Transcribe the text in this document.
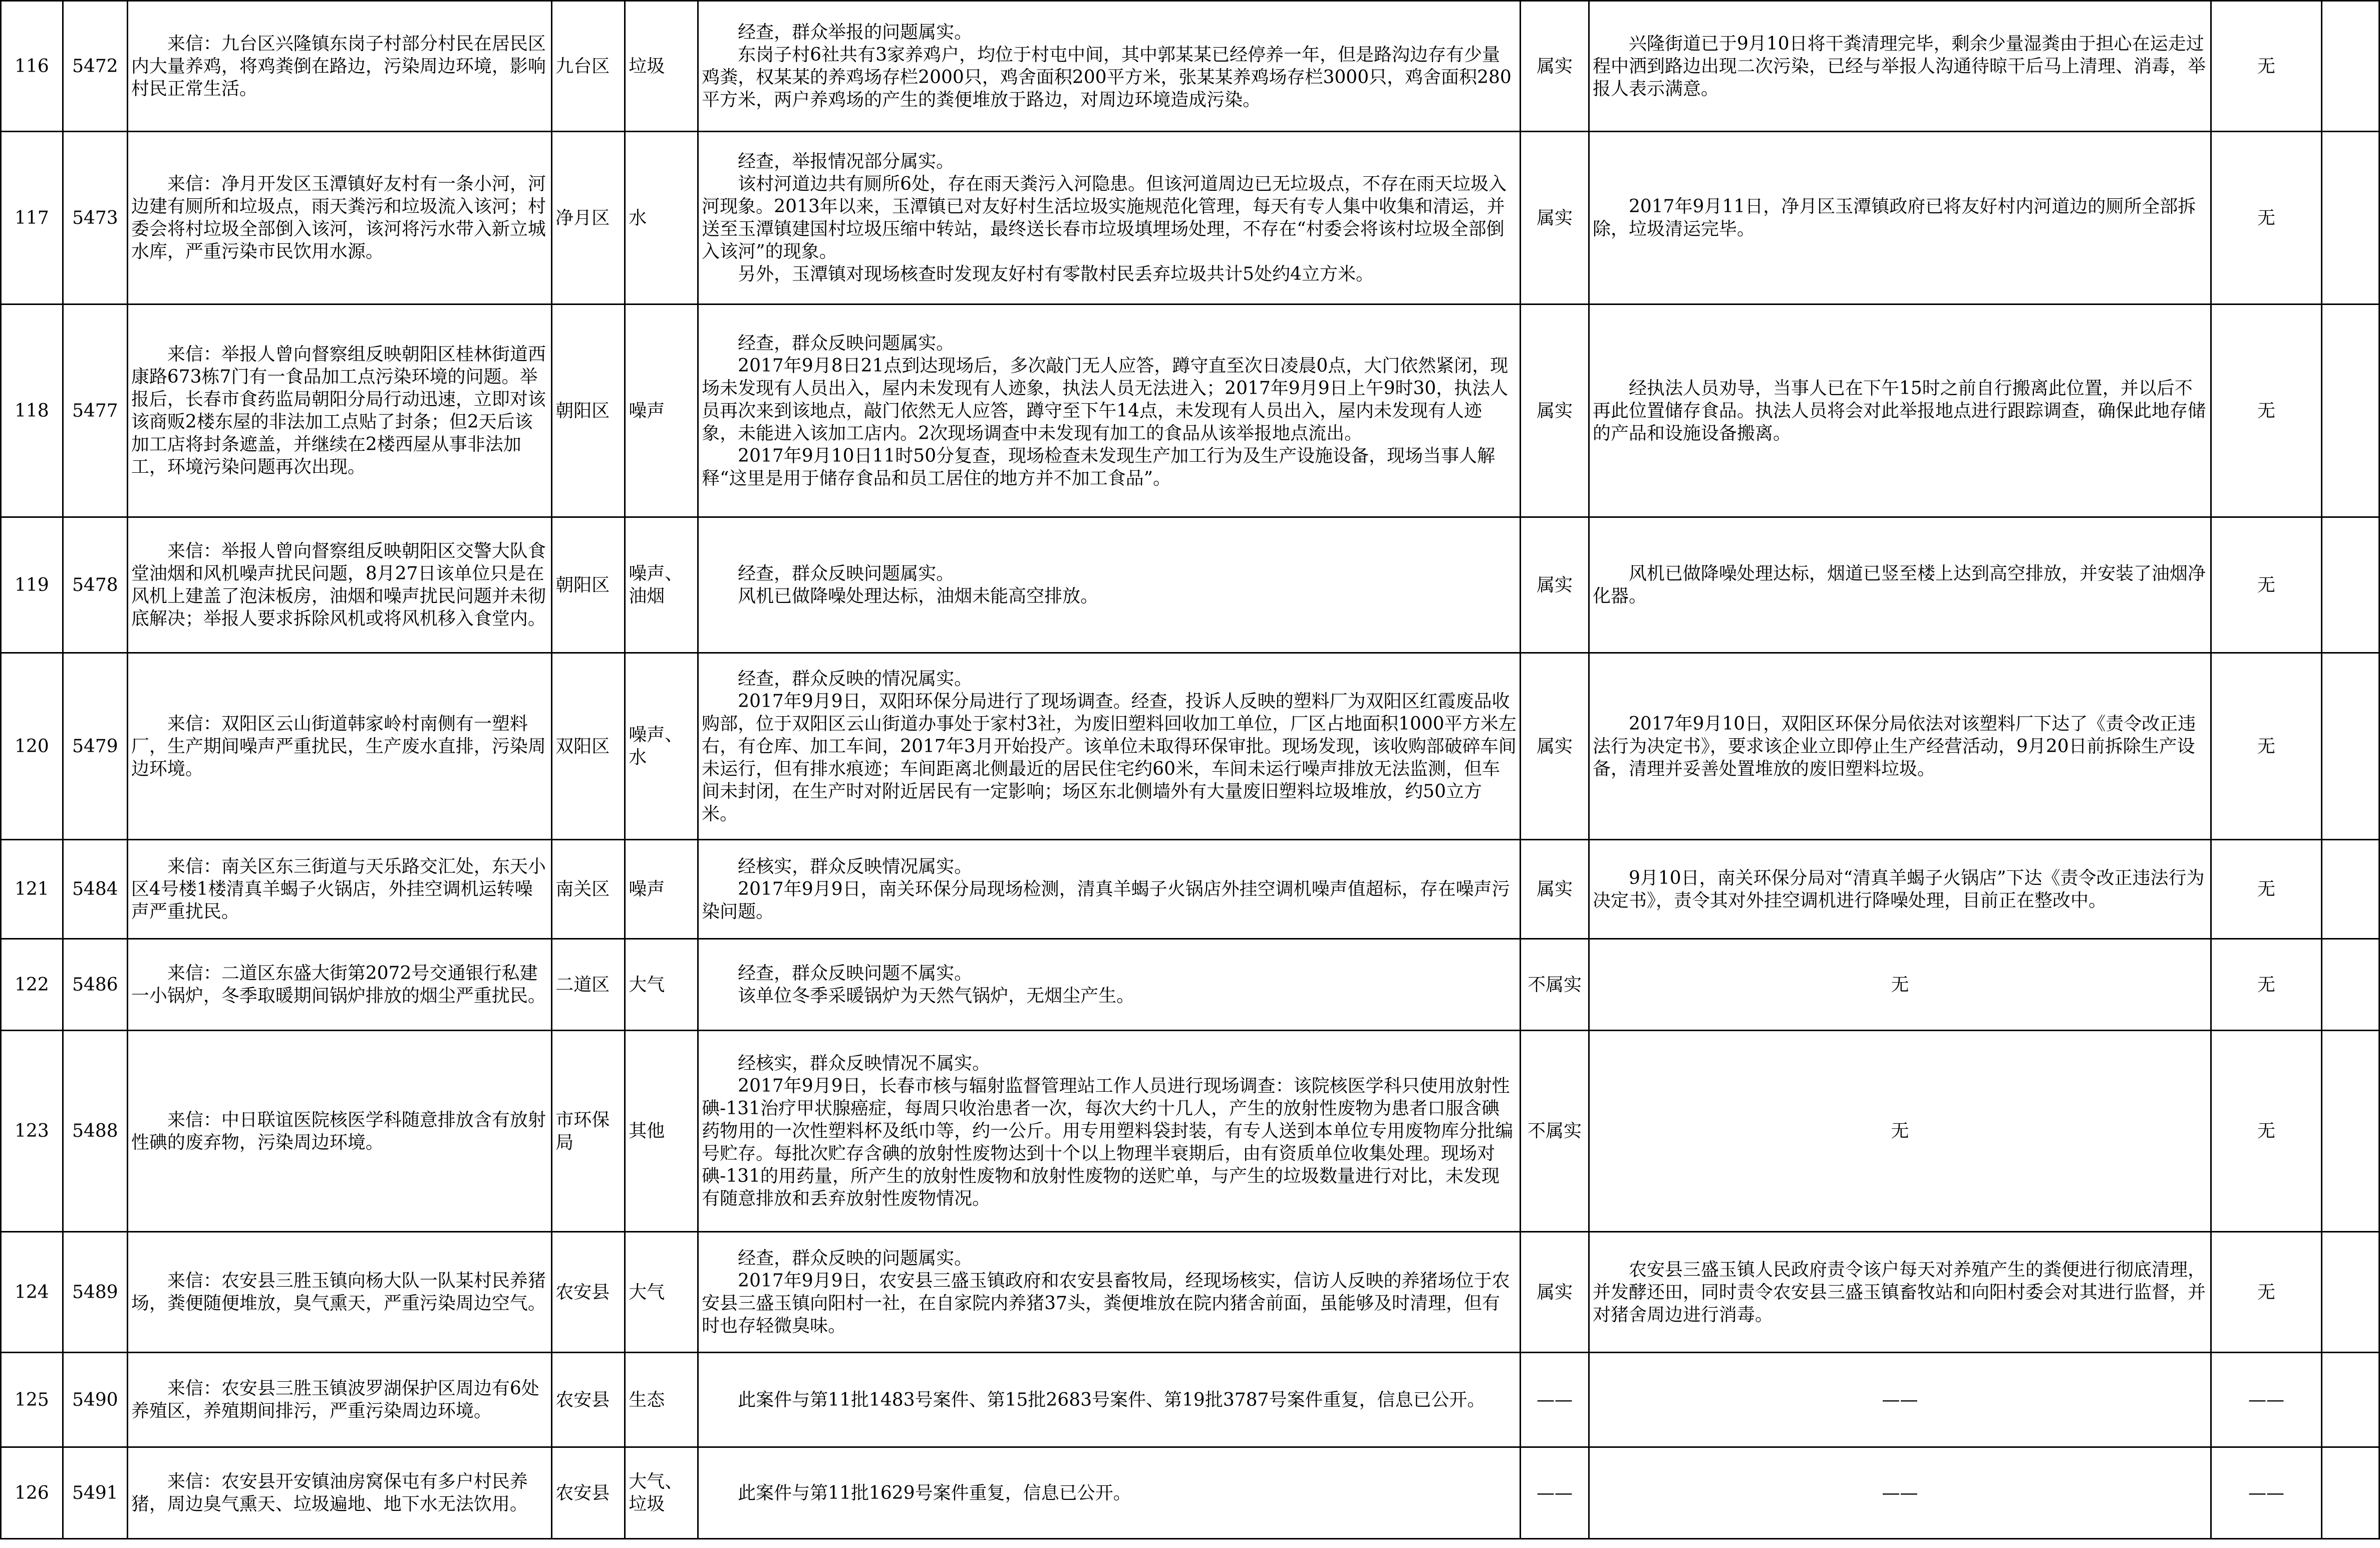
116	5472	来信：九台区兴隆镇东岗子村部分村民在居民区内大量养鸡，将鸡粪倒在路边，污染周边环境，影响村民正常生活。	九台区	垃圾	经查，群众举报的问题属实。
东岗子村6社共有3家养鸡户，均位于村屯中间，其中郭某某已经停养一年，但是路沟边存有少量鸡粪，权某某的养鸡场存栏2000只，鸡舍面积200平方米，张某某养鸡场存栏3000只，鸡舍面积280平方米，两户养鸡场的产生的粪便堆放于路边，对周边环境造成污染。	属实	兴隆街道已于9月10日将干粪清理完毕，剩余少量湿粪由于担心在运走过程中洒到路边出现二次污染，已经与举报人沟通待晾干后马上清理、消毒，举报人表示满意。	无	
117	5473	来信：净月开发区玉潭镇好友村有一条小河，河边建有厕所和垃圾点，雨天粪污和垃圾流入该河；村委会将村垃圾全部倒入该河，该河将污水带入新立城水库，严重污染市民饮用水源。	净月区	水	经查，举报情况部分属实。
该村河道边共有厕所6处，存在雨天粪污入河隐患。但该河道周边已无垃圾点，不存在雨天垃圾入河现象。2013年以来，玉潭镇已对友好村生活垃圾实施规范化管理，每天有专人集中收集和清运，并送至玉潭镇建国村垃圾压缩中转站，最终送长春市垃圾填埋场处理，不存在“村委会将该村垃圾全部倒入该河”的现象。
另外，玉潭镇对现场核查时发现友好村有零散村民丢弃垃圾共计5处约4立方米。	属实	2017年9月11日，净月区玉潭镇政府已将友好村内河道边的厕所全部拆除，垃圾清运完毕。	无	
118	5477	来信：举报人曾向督察组反映朝阳区桂林街道西康路673栋7门有一食品加工点污染环境的问题。举报后，长春市食药监局朝阳分局行动迅速，立即对该该商贩2楼东屋的非法加工点贴了封条；但2天后该加工店将封条遮盖，并继续在2楼西屋从事非法加工，环境污染问题再次出现。	朝阳区	噪声	经查，群众反映问题属实。
2017年9月8日21点到达现场后，多次敲门无人应答，蹲守直至次日凌晨0点，大门依然紧闭，现场未发现有人员出入，屋内未发现有人迹象，执法人员无法进入；2017年9月9日上午9时30，执法人员再次来到该地点，敲门依然无人应答，蹲守至下午14点，未发现有人员出入，屋内未发现有人迹象，未能进入该加工店内。2次现场调查中未发现有加工的食品从该举报地点流出。
2017年9月10日11时50分复查，现场检查未发现生产加工行为及生产设施设备，现场当事人解释“这里是用于储存食品和员工居住的地方并不加工食品”。	属实	经执法人员劝导，当事人已在下午15时之前自行搬离此位置，并以后不再此位置储存食品。执法人员将会对此举报地点进行跟踪调查，确保此地存储的产品和设施设备搬离。	无	
119	5478	来信：举报人曾向督察组反映朝阳区交警大队食堂油烟和风机噪声扰民问题，8月27日该单位只是在风机上建盖了泡沫板房，油烟和噪声扰民问题并未彻底解决；举报人要求拆除风机或将风机移入食堂内。	朝阳区	噪声、油烟	经查，群众反映问题属实。
风机已做降噪处理达标，油烟未能高空排放。	属实	风机已做降噪处理达标，烟道已竖至楼上达到高空排放，并安装了油烟净化器。	无	
120	5479	来信：双阳区云山街道韩家岭村南侧有一塑料厂，生产期间噪声严重扰民，生产废水直排，污染周边环境。	双阳区	噪声、水	经查，群众反映的情况属实。
2017年9月9日，双阳环保分局进行了现场调查。经查，投诉人反映的塑料厂为双阳区红霞废品收购部，位于双阳区云山街道办事处于家村3社，为废旧塑料回收加工单位，厂区占地面积1000平方米左右，有仓库、加工车间，2017年3月开始投产。该单位未取得环保审批。现场发现，该收购部破碎车间未运行，但有排水痕迹；车间距离北侧最近的居民住宅约60米，车间未运行噪声排放无法监测，但车间未封闭，在生产时对附近居民有一定影响；场区东北侧墙外有大量废旧塑料垃圾堆放，约50立方米。	属实	2017年9月10日，双阳区环保分局依法对该塑料厂下达了《责令改正违法行为决定书》，要求该企业立即停止生产经营活动，9月20日前拆除生产设备，清理并妥善处置堆放的废旧塑料垃圾。	无	
121	5484	来信：南关区东三街道与天乐路交汇处，东天小区4号楼1楼清真羊蝎子火锅店，外挂空调机运转噪声严重扰民。	南关区	噪声	经核实，群众反映情况属实。
2017年9月9日，南关环保分局现场检测，清真羊蝎子火锅店外挂空调机噪声值超标，存在噪声污染问题。	属实	9月10日，南关环保分局对“清真羊蝎子火锅店”下达《责令改正违法行为决定书》，责令其对外挂空调机进行降噪处理，目前正在整改中。	无	
122	5486	来信：二道区东盛大街第2072号交通银行私建一小锅炉，冬季取暖期间锅炉排放的烟尘严重扰民。	二道区	大气	经查，群众反映问题不属实。
该单位冬季采暖锅炉为天然气锅炉，无烟尘产生。	不属实	无	无	
123	5488	来信：中日联谊医院核医学科随意排放含有放射性碘的废弃物，污染周边环境。	市环保局	其他	经核实，群众反映情况不属实。
2017年9月9日，长春市核与辐射监督管理站工作人员进行现场调查：该院核医学科只使用放射性碘-131治疗甲状腺癌症，每周只收治患者一次，每次大约十几人，产生的放射性废物为患者口服含碘药物用的一次性塑料杯及纸巾等，约一公斤。用专用塑料袋封装，有专人送到本单位专用废物库分批编号贮存。每批次贮存含碘的放射性废物达到十个以上物理半衰期后，由有资质单位收集处理。现场对碘-131的用药量，所产生的放射性废物和放射性废物的送贮单，与产生的垃圾数量进行对比，未发现有随意排放和丢弃放射性废物情况。	不属实	无	无	
124	5489	来信：农安县三胜玉镇向杨大队一队某村民养猪场，粪便随便堆放，臭气熏天，严重污染周边空气。	农安县	大气	经查，群众反映的问题属实。
2017年9月9日，农安县三盛玉镇政府和农安县畜牧局，经现场核实，信访人反映的养猪场位于农安县三盛玉镇向阳村一社，在自家院内养猪37头，粪便堆放在院内猪舍前面，虽能够及时清理，但有时也存轻微臭味。	属实	农安县三盛玉镇人民政府责令该户每天对养殖产生的粪便进行彻底清理，并发酵还田，同时责令农安县三盛玉镇畜牧站和向阳村委会对其进行监督，并对猪舍周边进行消毒。	无	
125	5490	来信：农安县三胜玉镇波罗湖保护区周边有6处养殖区，养殖期间排污，严重污染周边环境。	农安县	生态	此案件与第11批1483号案件、第15批2683号案件、第19批3787号案件重复，信息已公开。	——	——	——	
126	5491	来信：农安县开安镇油房窝保屯有多户村民养猪，周边臭气熏天、垃圾遍地、地下水无法饮用。	农安县	大气、垃圾	此案件与第11批1629号案件重复，信息已公开。	——	——	——	
